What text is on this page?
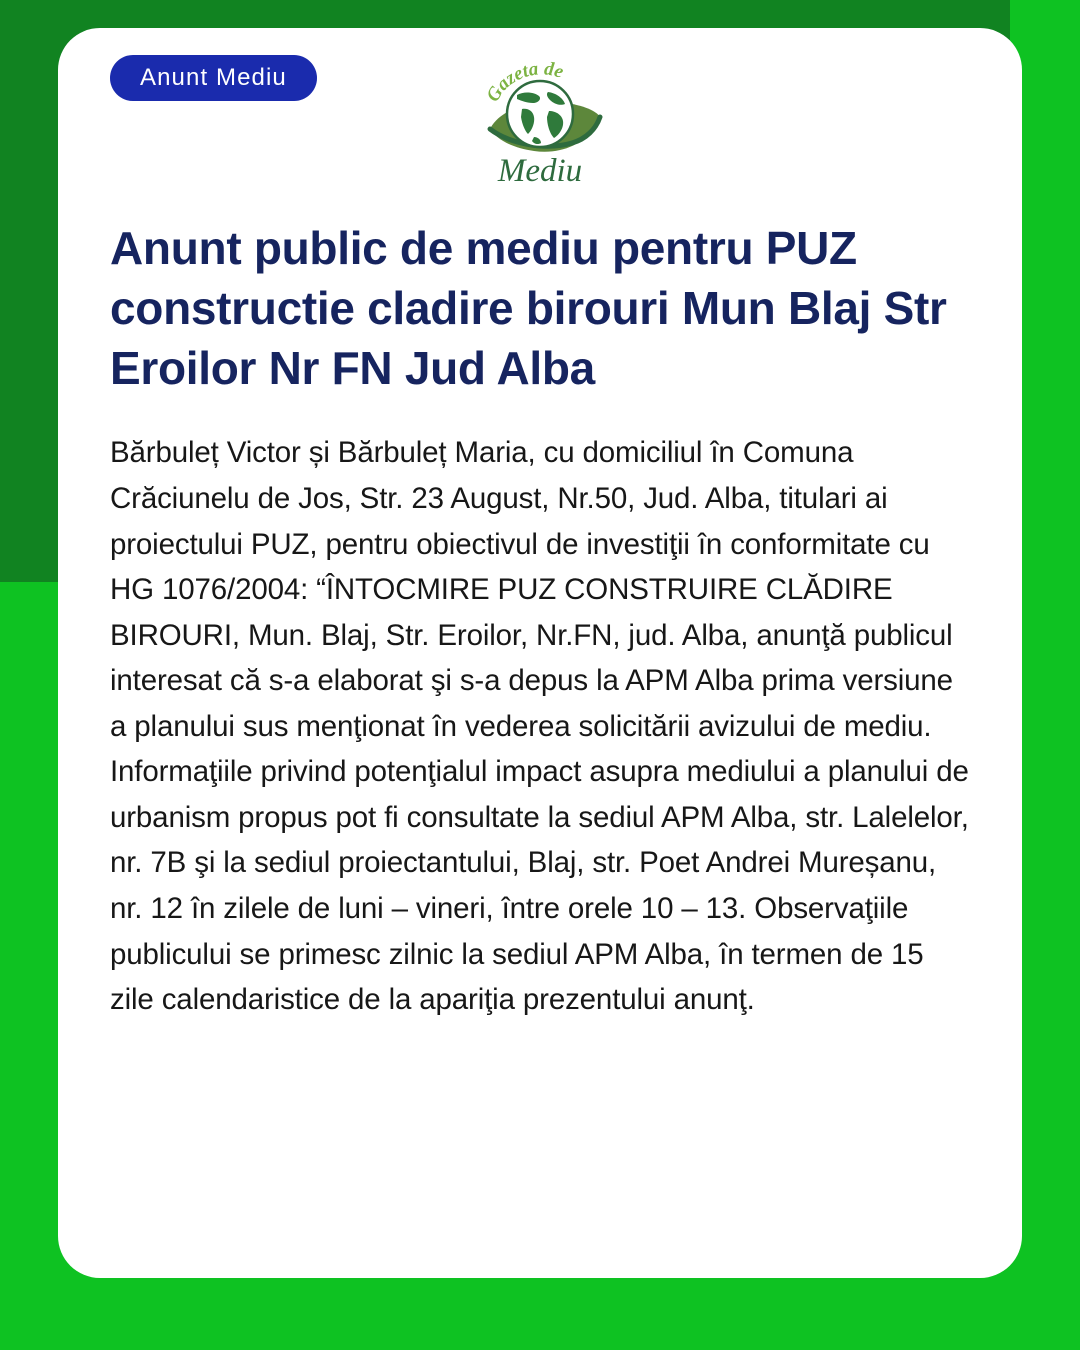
Anunt Mediu
Gazeta de
Mediu
Anunt public de mediu pentru PUZ constructie cladire birouri Mun Blaj Str Eroilor Nr FN Jud Alba

Bărbuleț Victor și Bărbuleț Maria, cu domiciliul în Comuna Crăciunelu de Jos, Str. 23 August, Nr.50, Jud. Alba, titulari ai proiectului PUZ, pentru obiectivul de investiţii în conformitate cu HG 1076/2004: “ÎNTOCMIRE PUZ CONSTRUIRE CLĂDIRE BIROURI, Mun. Blaj, Str. Eroilor, Nr.FN, jud. Alba, anunţă publicul interesat că s-a elaborat şi s-a depus la APM Alba prima versiune a planului sus menţionat în vederea solicitării avizului de mediu. Informaţiile privind potenţialul impact asupra mediului a planului de urbanism propus pot fi consultate la sediul APM Alba, str. Lalelelor, nr. 7B şi la sediul proiectantului, Blaj, str. Poet Andrei Mureșanu, nr. 12 în zilele de luni – vineri, între orele 10 – 13. Observaţiile publicului se primesc zilnic la sediul APM Alba, în termen de 15 zile calendaristice de la apariţia prezentului anunţ.
